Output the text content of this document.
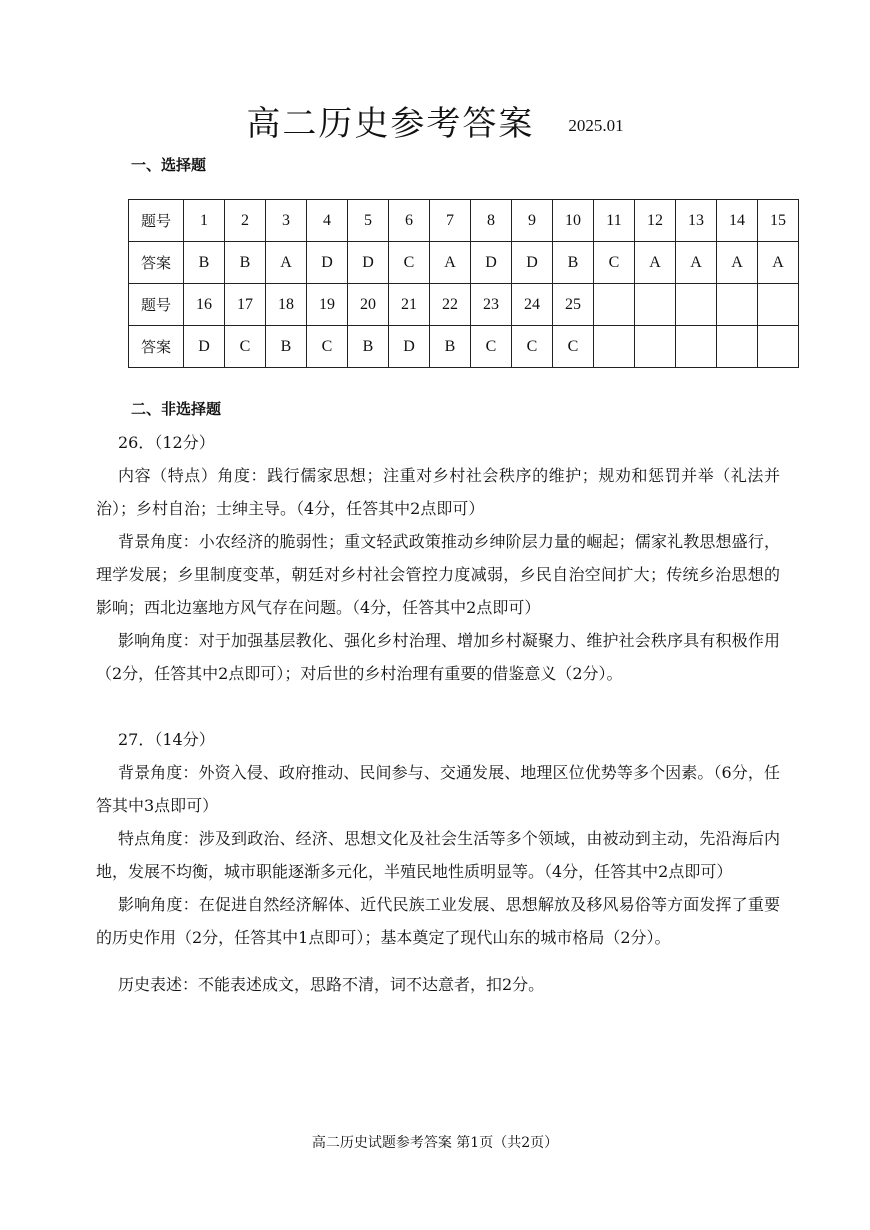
高二历史参考答案 2025.01
一、选择题
题号	1	2	3	4	5	6	7	8	9	10	11	12	13	14	15
答案	B	B	A	D	D	C	A	D	D	B	C	A	A	A	A
题号	16	17	18	19	20	21	22	23	24	25					
答案	D	C	B	C	B	D	B	C	C	C					
二、非选择题
26．（12分）
内容（特点）角度：践行儒家思想；注重对乡村社会秩序的维护；规劝和惩罚并举（礼法并治）；乡村自治；士绅主导。（4分，任答其中2点即可）
背景角度：小农经济的脆弱性；重文轻武政策推动乡绅阶层力量的崛起；儒家礼教思想盛行，理学发展；乡里制度变革，朝廷对乡村社会管控力度减弱，乡民自治空间扩大；传统乡治思想的影响；西北边塞地方风气存在问题。（4分，任答其中2点即可）
影响角度：对于加强基层教化、强化乡村治理、增加乡村凝聚力、维护社会秩序具有积极作用（2分，任答其中2点即可）；对后世的乡村治理有重要的借鉴意义（2分）。
27．（14分）
背景角度：外资入侵、政府推动、民间参与、交通发展、地理区位优势等多个因素。（6分，任答其中3点即可）
特点角度：涉及到政治、经济、思想文化及社会生活等多个领域，由被动到主动，先沿海后内地，发展不均衡，城市职能逐渐多元化，半殖民地性质明显等。（4分，任答其中2点即可）
影响角度：在促进自然经济解体、近代民族工业发展、思想解放及移风易俗等方面发挥了重要的历史作用（2分，任答其中1点即可）；基本奠定了现代山东的城市格局（2分）。
历史表述：不能表述成文，思路不清，词不达意者，扣2分。
高二历史试题参考答案 第1页（共2页）
